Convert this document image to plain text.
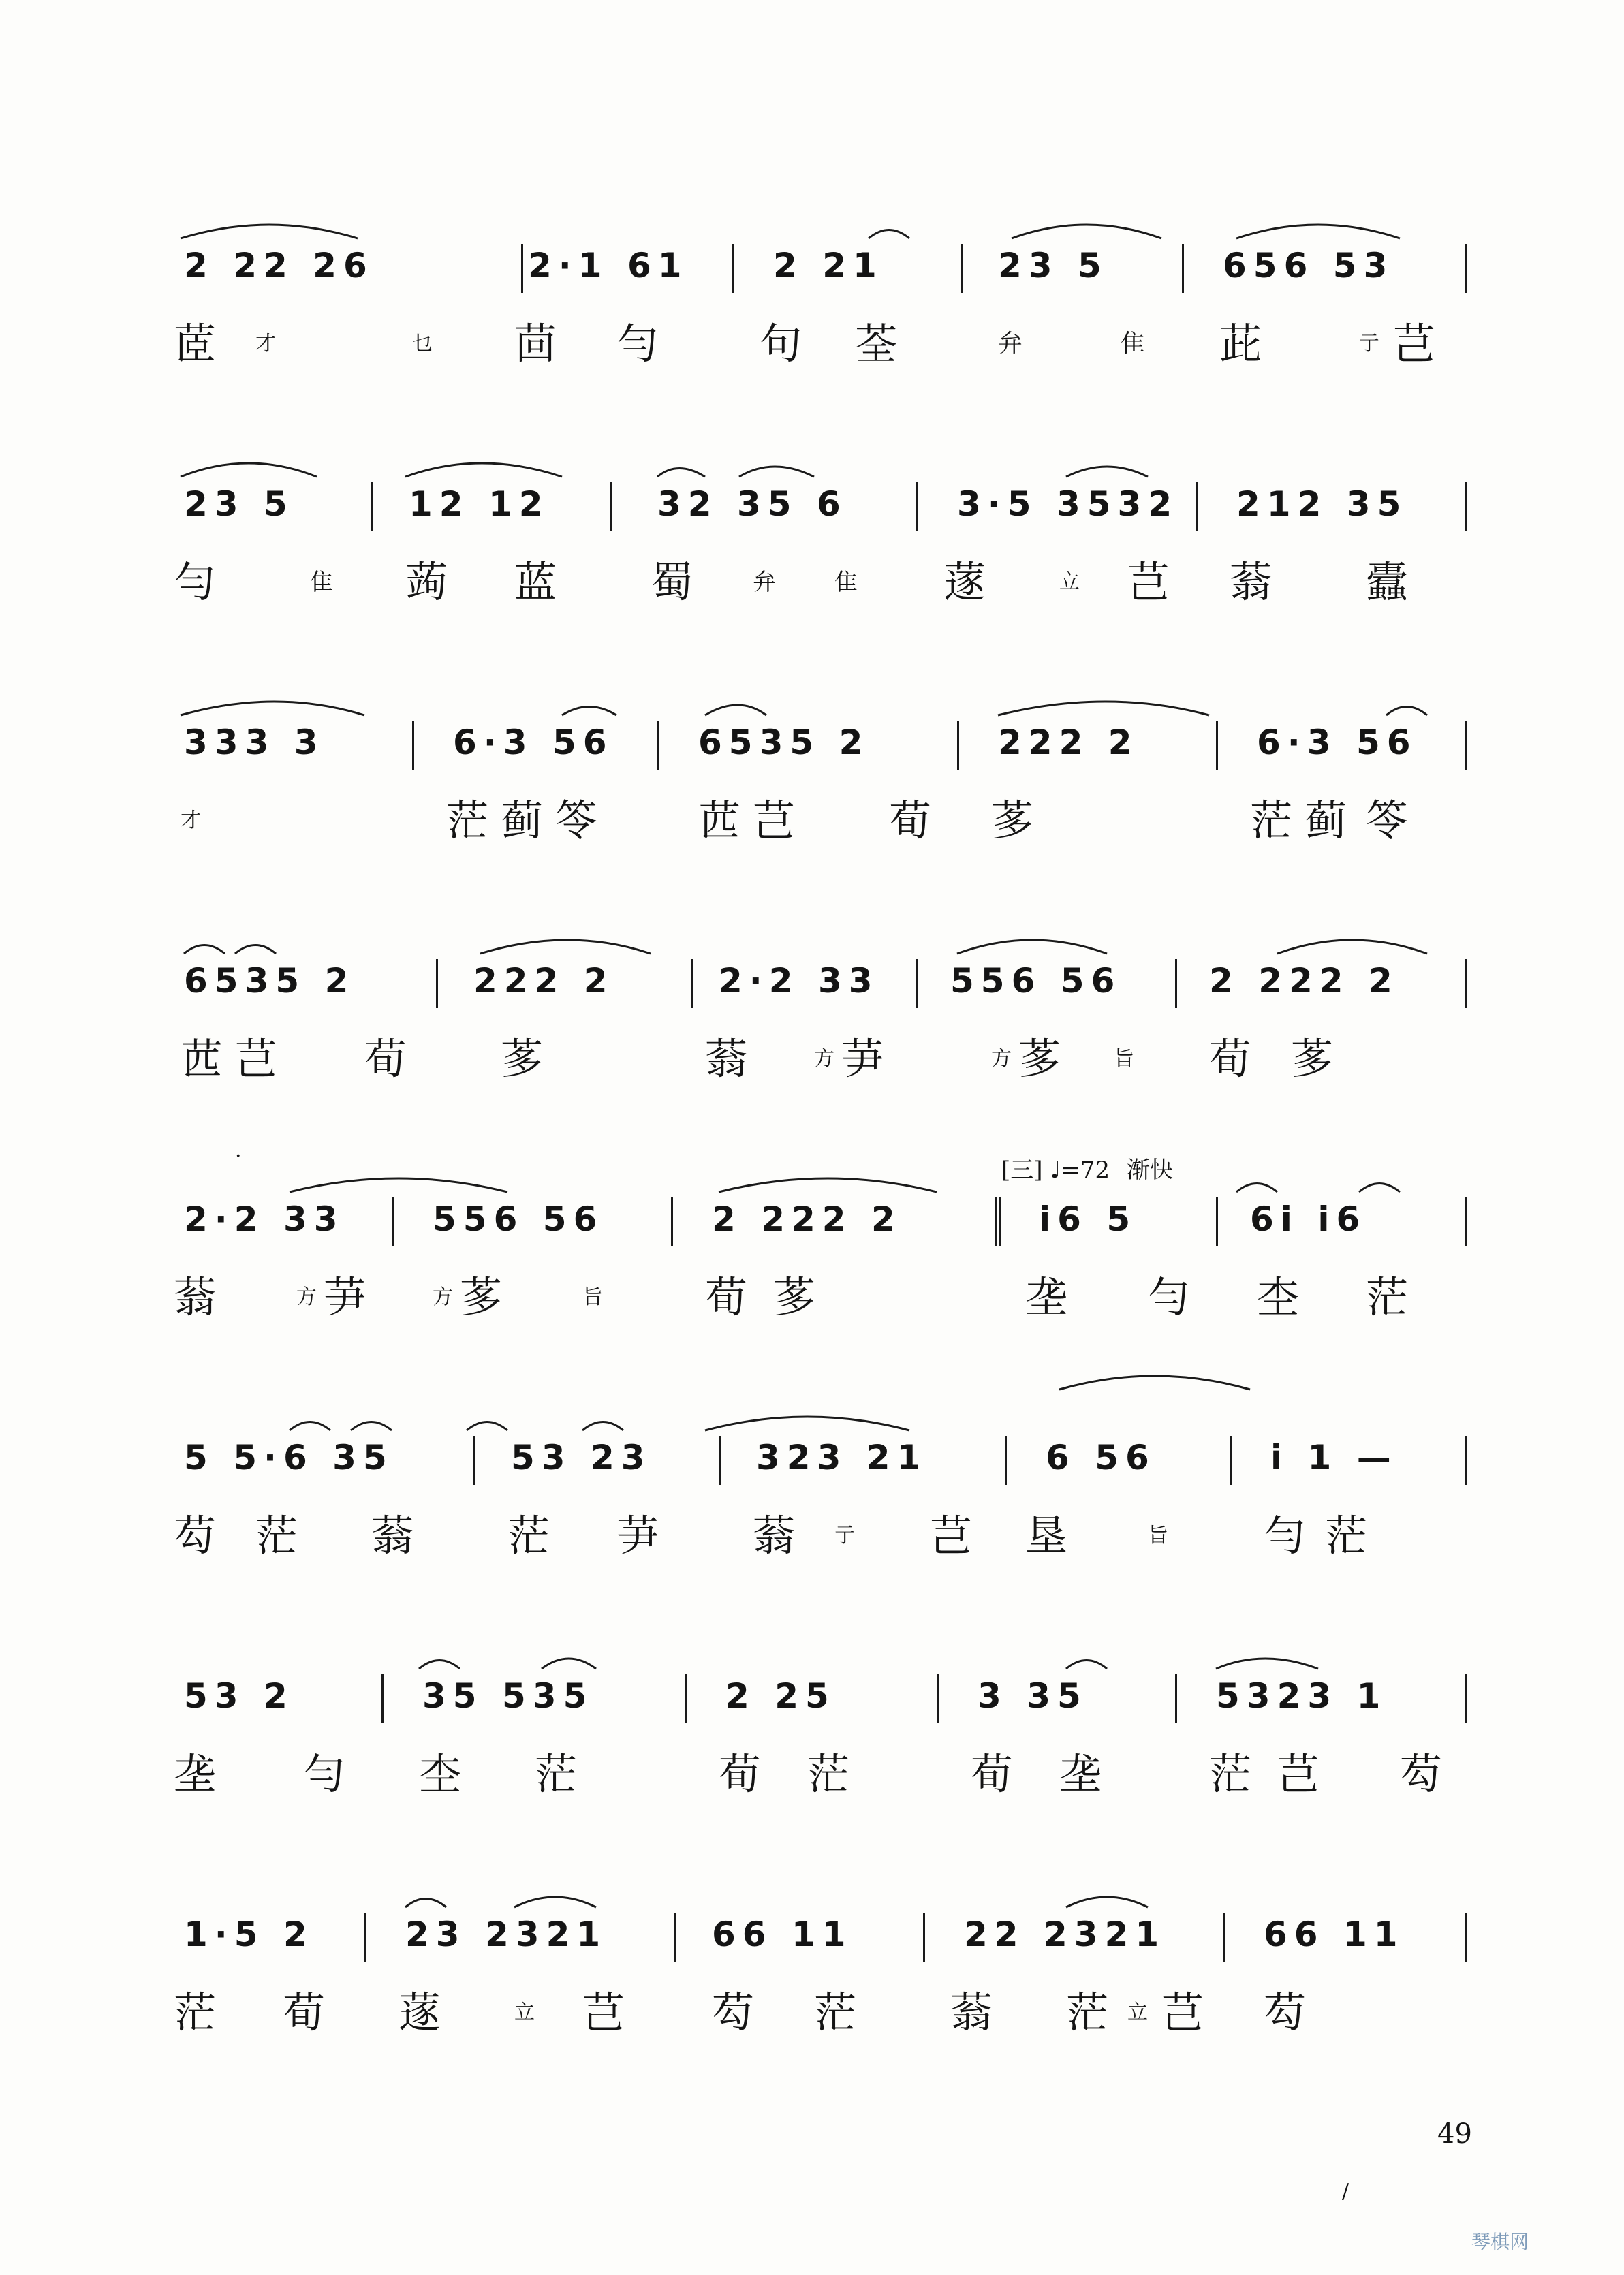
2 22 26	2·1 61 2 21	23 5	656 53
茝 才	乜 茴 勻 句 荃	弁	隹 茈	亍 芑
23 5	12 12	32 35 6	3·5 3532 212 35
勻	隹 蒟 蓝 蜀	弁	隹 蓫	立 芑 蓊 蠹
333 3	6·3 56 6535 2	222 2	6·3 56
才	茫 蓟 笭 苉 芑 荀 茤	茫 蓟 笭
6535 2	222 2	2·2 33 556 56	2 222 2
苉 芑 荀 茤	蓊	方 芛	方 茤	旨 荀 茤
[三] ♩=72 渐快
2·2 33	556 56	2 222 2	i6 5	6i i6
蓊	方 芛	方 茤	旨 荀 茤	垄 勻 杢 茫
5 5·6 35	53 23	323 21	6 56	i 1 —
芶 茫 蓊 茫 芛 蓊 亍 芑 垦	旨 勻 茫
53 2	35 535	2 25	3 35	5323 1
垄 勻 杢 茫	荀 茫	荀 垄	茫 芑 芶
1·5 2	23 2321	66 11	22 2321	66 11
茫 荀 蓫	立 芑 芶 茫 蓊 茫 立 芑 芶
49
琴棋网
·
/
